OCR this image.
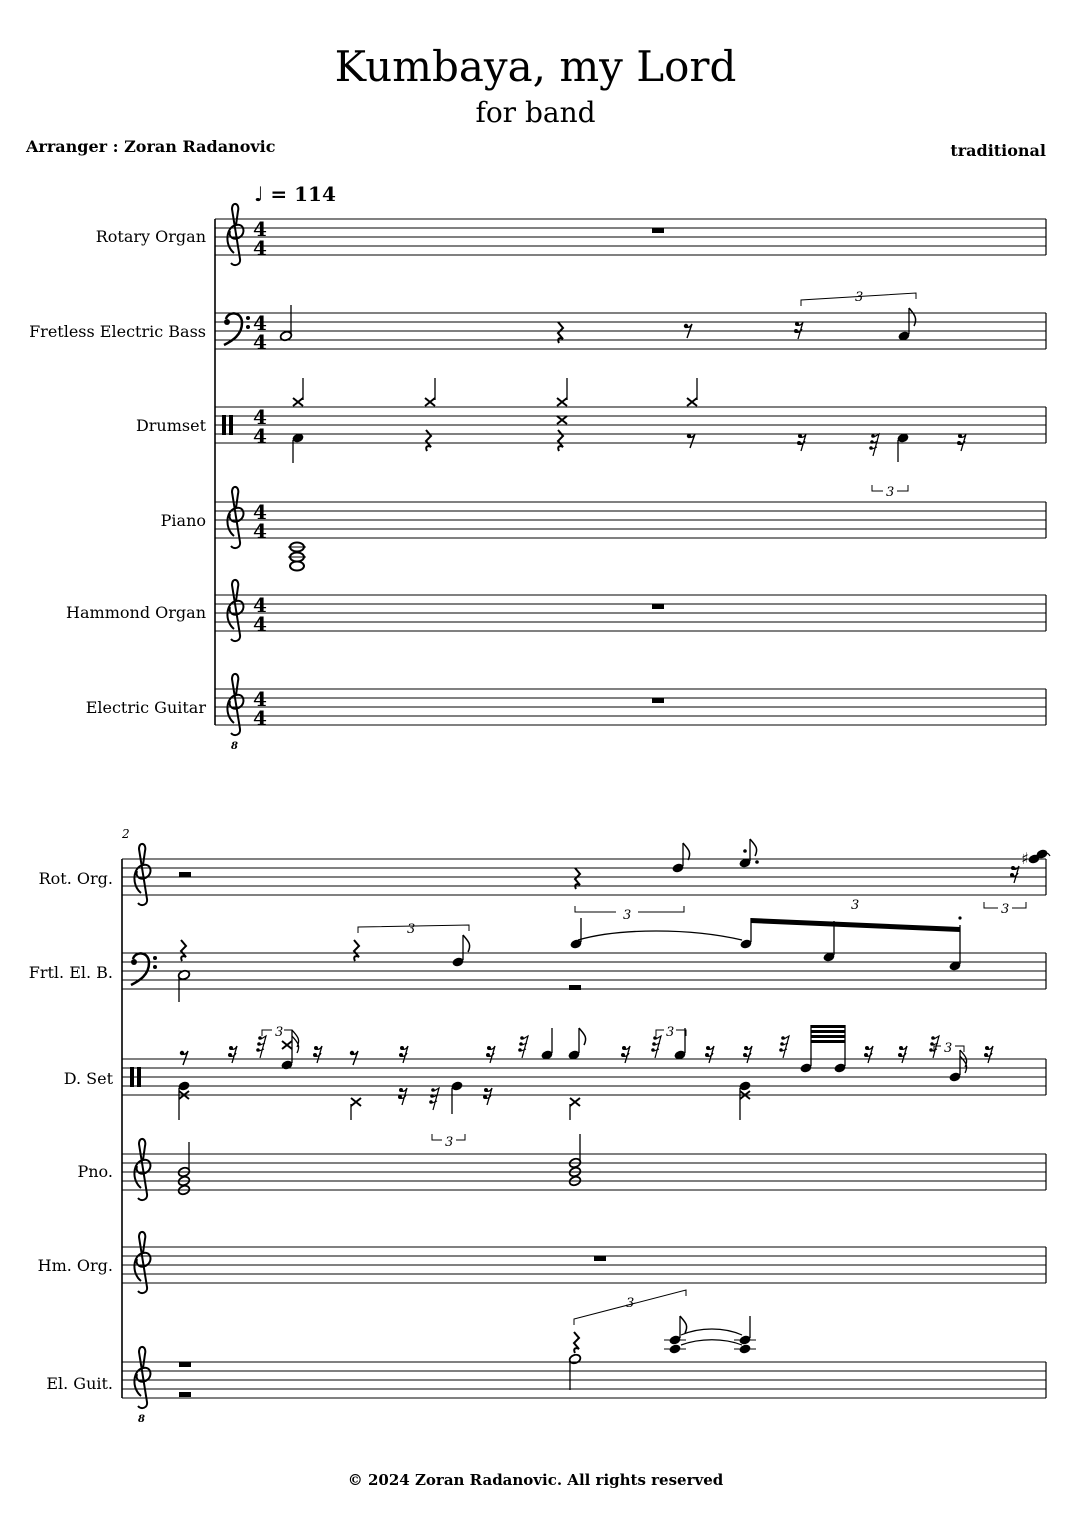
Kumbaya, my Lord
for band
Arranger : Zoran Radanovic	traditional
♩ = 114
Rotary Organ
Fretless Electric Bass
Drumset
Piano
Hammond Organ
Electric Guitar
2
Rot. Org.
Frtl. El. B.
D. Set
Pno.
Hm. Org.
El. Guit.
4
4
4
4
3
4
4
3
4
4
4
4
8
4
4
♯
3	3
3
3
3	3
3
3
8
3
© 2024 Zoran Radanovic. All rights reserved
